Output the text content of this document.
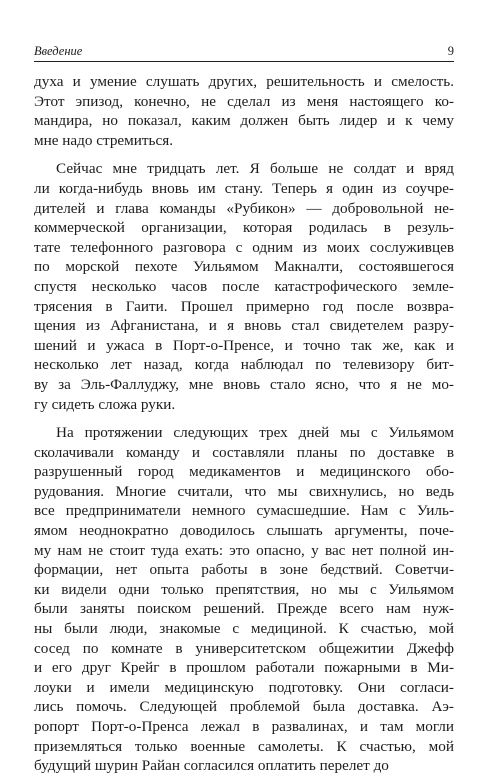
Введение	9
духа и умение слушать других, решительность и смелость.
Этот эпизод, конечно, не сделал из меня настоящего ко-
мандира, но показал, каким должен быть лидер и к чему
мне надо стремиться.
Сейчас мне тридцать лет. Я больше не солдат и вряд
ли когда-нибудь вновь им стану. Теперь я один из соучре-
дителей и глава команды «Рубикон» — добровольной не-
коммерческой организации, которая родилась в резуль-
тате телефонного разговора с одним из моих сослуживцев
по морской пехоте Уильямом Макналти, состоявшегося
спустя несколько часов после катастрофического земле-
трясения в Гаити. Прошел примерно год после возвра-
щения из Афганистана, и я вновь стал свидетелем разру-
шений и ужаса в Порт-о-Пренсе, и точно так же, как и
несколько лет назад, когда наблюдал по телевизору бит-
ву за Эль-Фаллуджу, мне вновь стало ясно, что я не мо-
гу сидеть сложа руки.
На протяжении следующих трех дней мы с Уильямом
сколачивали команду и составляли планы по доставке в
разрушенный город медикаментов и медицинского обо-
рудования. Многие считали, что мы свихнулись, но ведь
все предприниматели немного сумасшедшие. Нам с Уиль-
ямом неоднократно доводилось слышать аргументы, поче-
му нам не стоит туда ехать: это опасно, у вас нет полной ин-
формации, нет опыта работы в зоне бедствий. Советчи-
ки видели одни только препятствия, но мы с Уильямом
были заняты поиском решений. Прежде всего нам нуж-
ны были люди, знакомые с медициной. К счастью, мой
сосед по комнате в университетском общежитии Джефф
и его друг Крейг в прошлом работали пожарными в Ми-
лоуки и имели медицинскую подготовку. Они согласи-
лись помочь. Следующей проблемой была доставка. Аэ-
ропорт Порт-о-Пренса лежал в развалинах, и там могли
приземляться только военные самолеты. К счастью, мой
будущий шурин Райан согласился оплатить перелет до
